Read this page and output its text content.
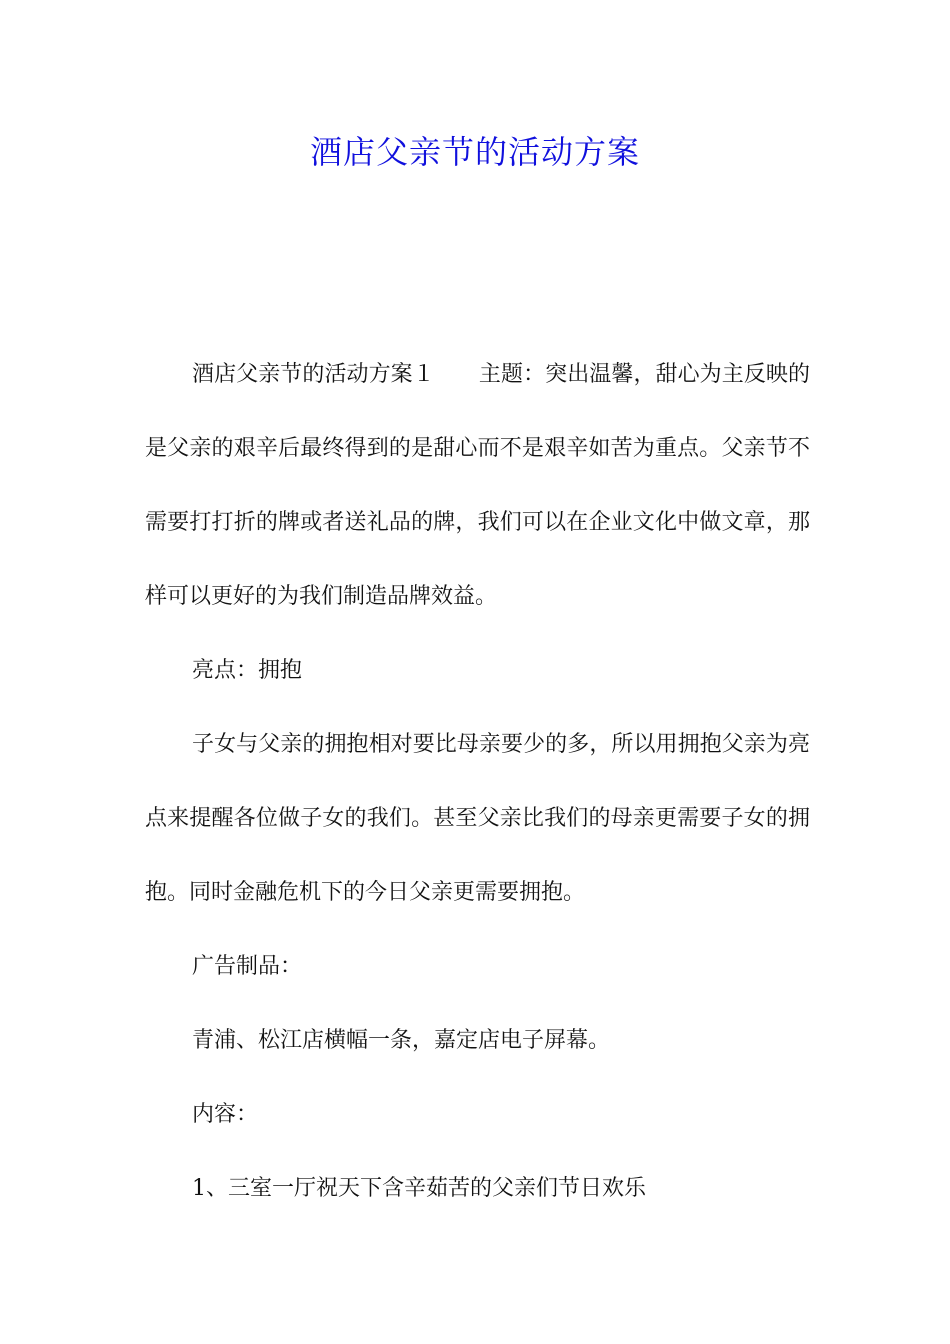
酒店父亲节的活动方案

酒店父亲节的活动方案１ 主题：突出温馨，甜心为主反映的是父亲的艰辛后最终得到的是甜心而不是艰辛如苦为重点。父亲节不需要打打折的牌或者送礼品的牌，我们可以在企业文化中做文章，那样可以更好的为我们制造品牌效益。

亮点：拥抱

子女与父亲的拥抱相对要比母亲要少的多，所以用拥抱父亲为亮点来提醒各位做子女的我们。甚至父亲比我们的母亲更需要子女的拥抱。同时金融危机下的今日父亲更需要拥抱。

广告制品：

青浦、松江店横幅一条，嘉定店电子屏幕。

内容：

1、三室一厅祝天下含辛茹苦的父亲们节日欢乐
